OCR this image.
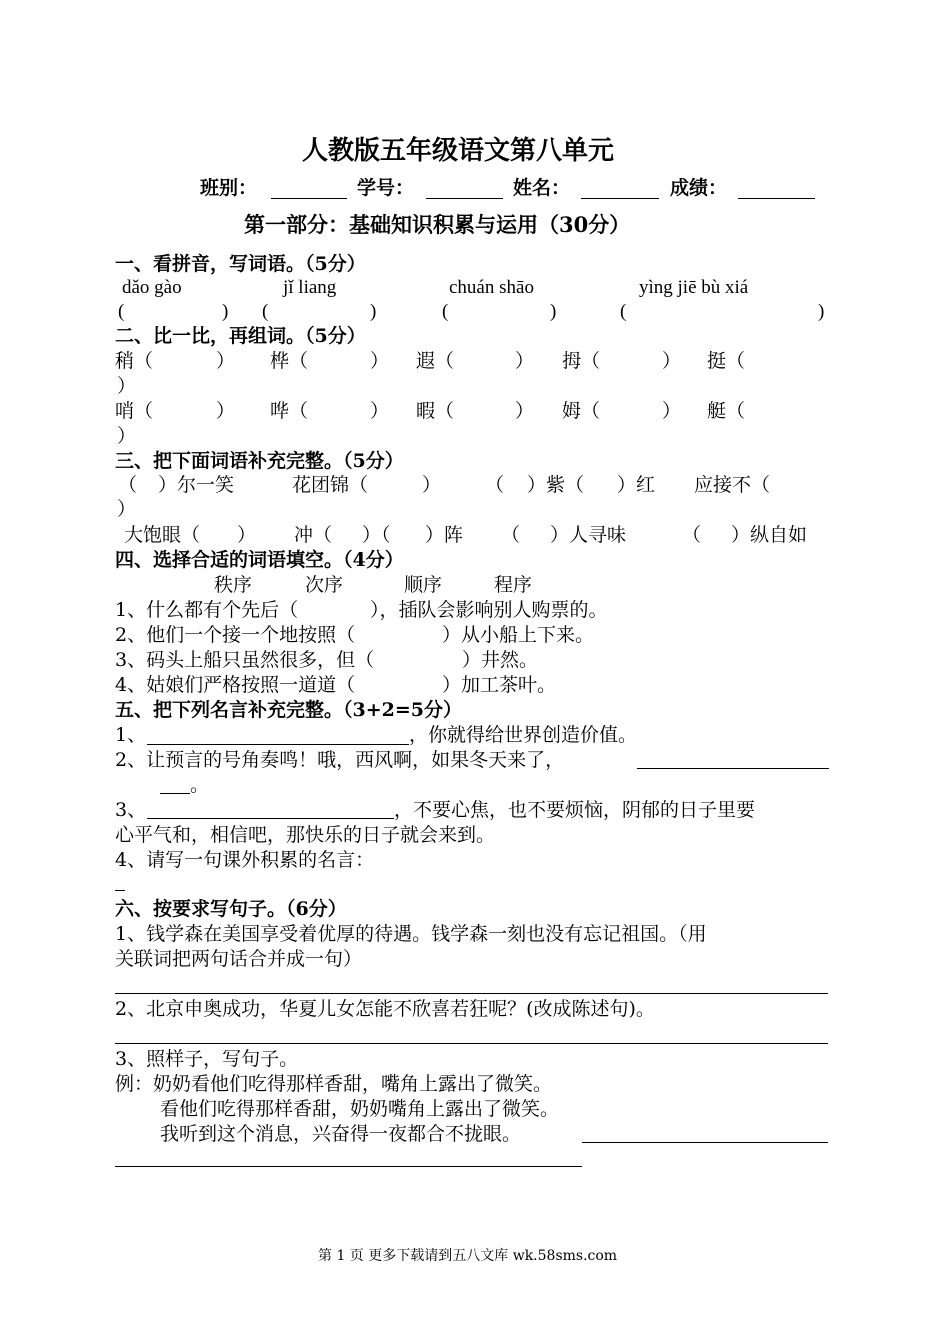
人教版五年级语文第八单元
班别：	学号：	姓名：	成绩：
第一部分：基础知识积累与运用（30分）
一、看拼音，写词语。（5分）
dǎo gào	jǐ liang	chuán shāo	yìng jiē bù xiá
(	) (	)	(	)	(	)
二、比一比，再组词。（5分）
稍（	） 桦（	） 遐（	） 拇（	） 挺（
）
哨（	） 哗（	） 暇（	） 姆（	） 艇（
）
三、把下面词语补充完整。（5分）
（ ）尔一笑	花团锦（	） （ ）紫（ ）红 应接不（
）
大饱眼（ ） 冲（ ）（ ）阵 （ ）人寻味	（ ）纵自如
四、选择合适的词语填空。（4分）
秩序	次序	顺序	程序
1、什么都有个先后（	），插队会影响别人购票的。
2、他们一个接一个地按照（	）从小船上下来。
3、码头上船只虽然很多，但（	）井然。
4、姑娘们严格按照一道道（	）加工茶叶。
五、把下列名言补充完整。（3+2=5分）
1、	，你就得给世界创造价值。
2、让预言的号角奏鸣！哦，西风啊，如果冬天来了，
。
3、	，不要心焦，也不要烦恼，阴郁的日子里要
心平气和，相信吧，那快乐的日子就会来到。
4、请写一句课外积累的名言：
六、按要求写句子。（6分）
1、钱学森在美国享受着优厚的待遇。钱学森一刻也没有忘记祖国。（用
关联词把两句话合并成一句）
2、北京申奥成功，华夏儿女怎能不欣喜若狂呢？(改成陈述句)。
3、照样子，写句子。
例：奶奶看他们吃得那样香甜，嘴角上露出了微笑。
看他们吃得那样香甜，奶奶嘴角上露出了微笑。
我听到这个消息，兴奋得一夜都合不拢眼。
第 1 页 更多下载请到五八文库 wk.58sms.com
